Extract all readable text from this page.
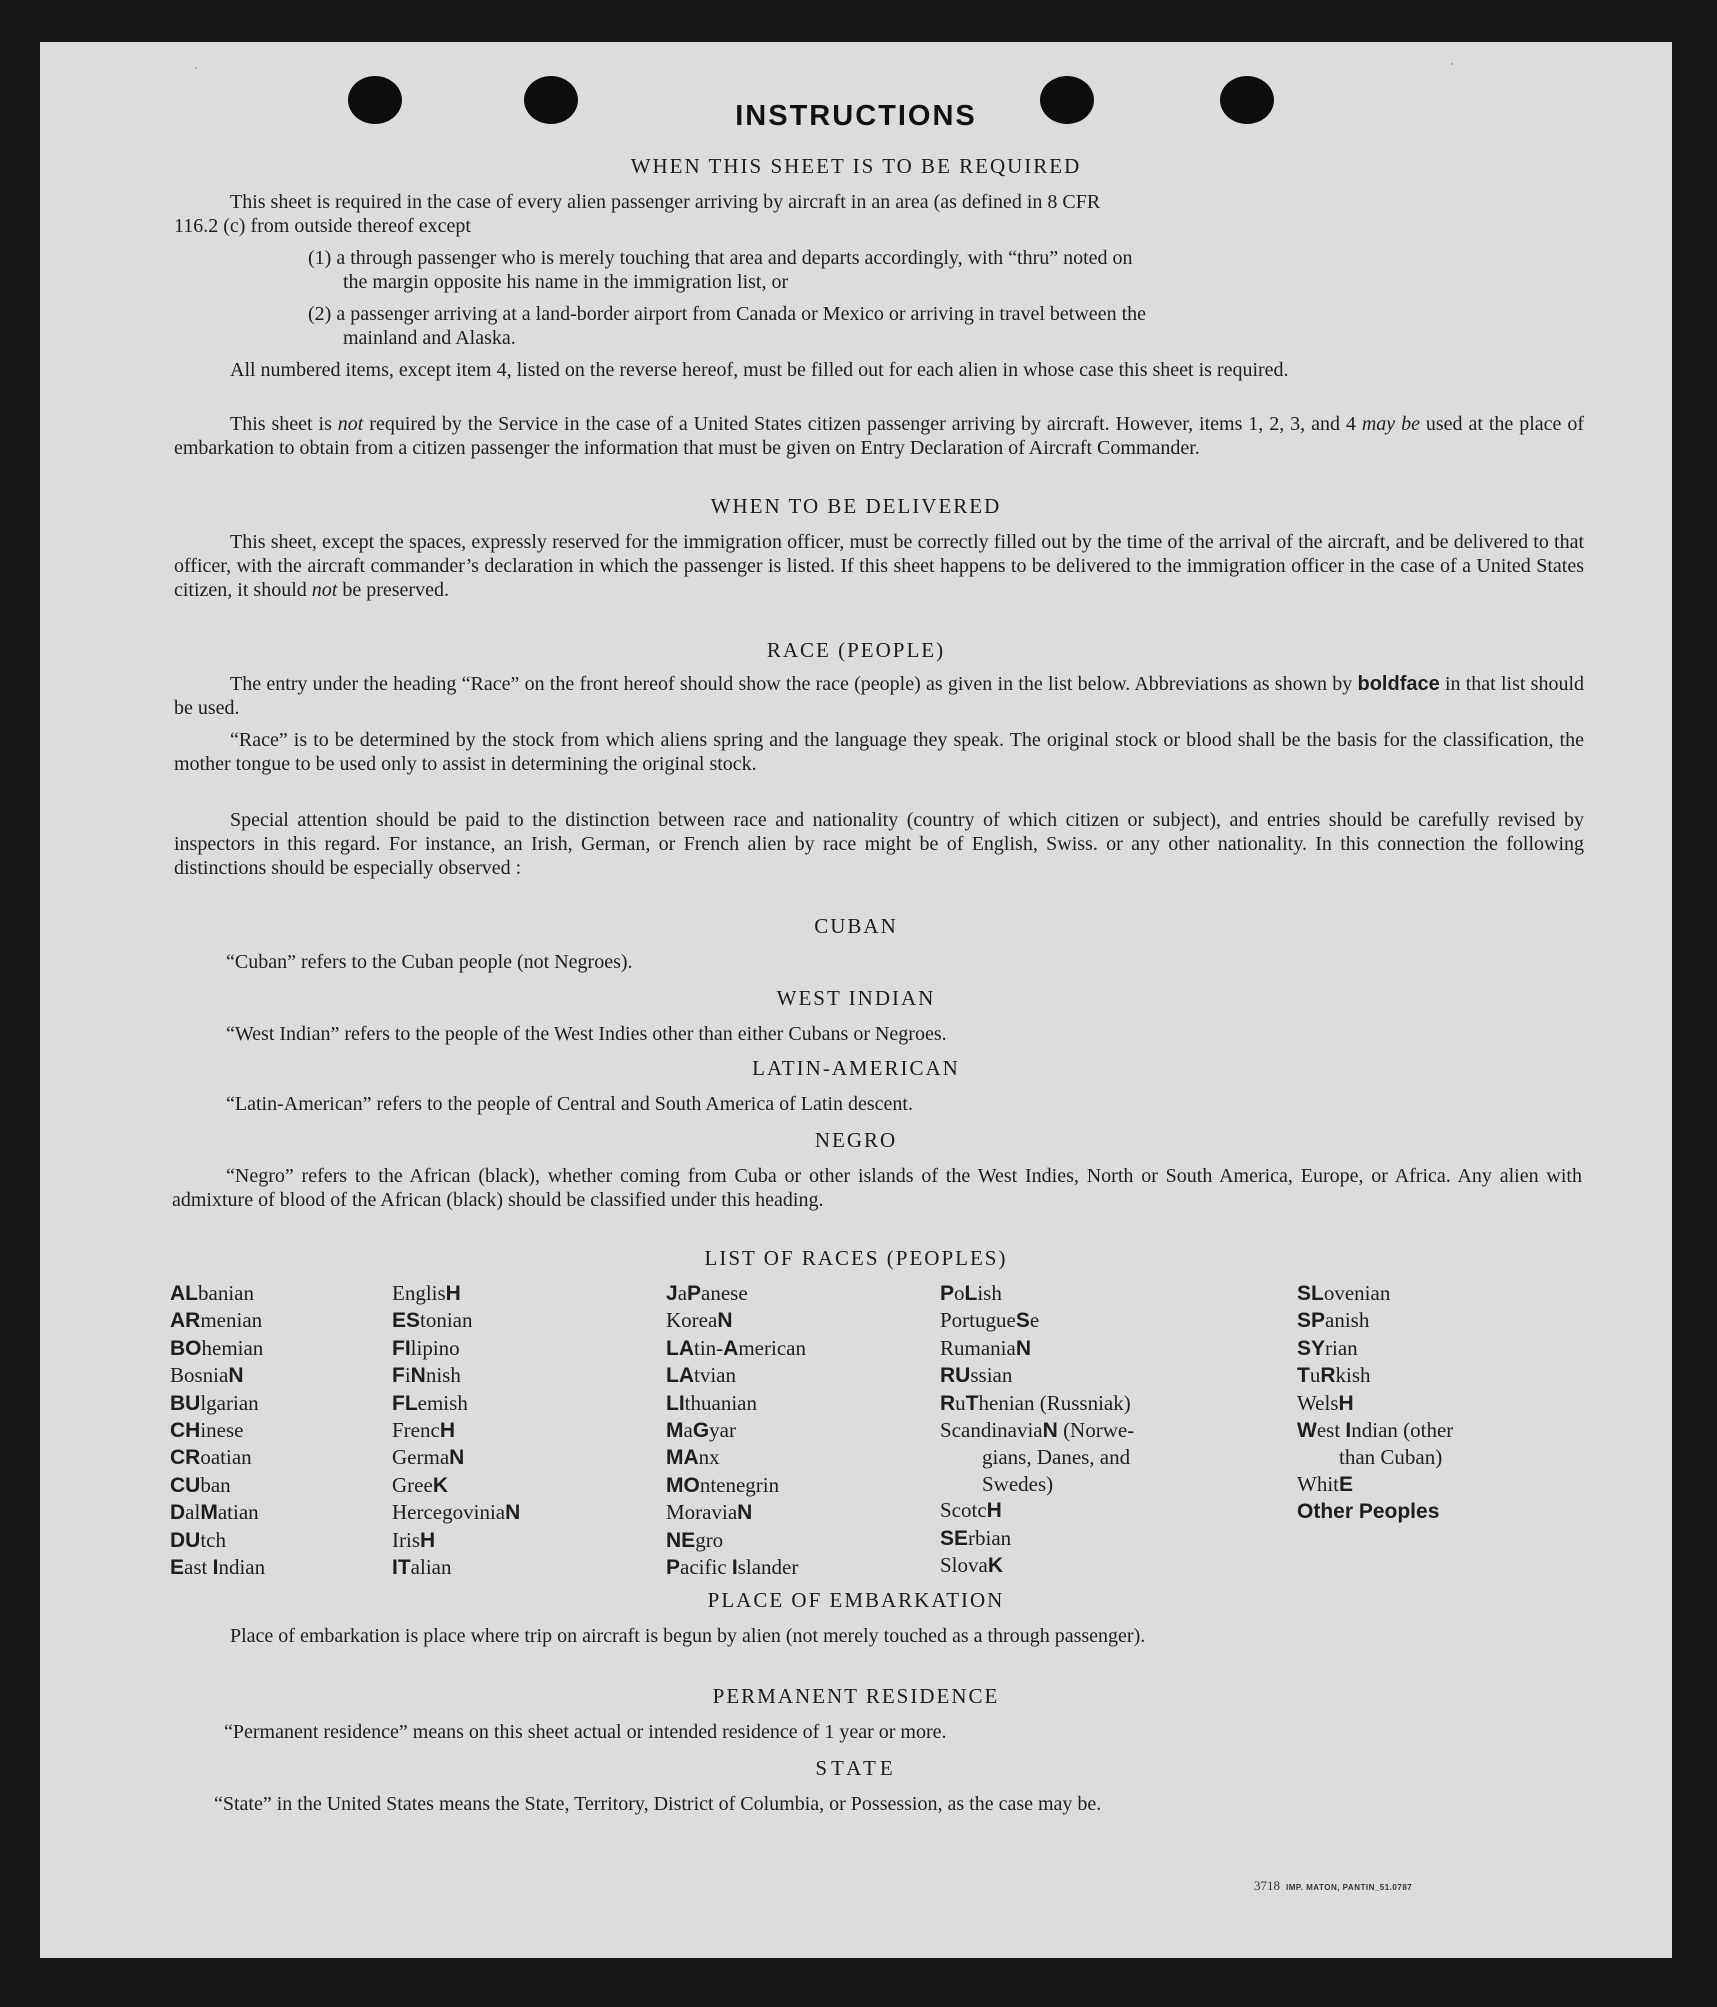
˙	˙
INSTRUCTIONS
WHEN THIS SHEET IS TO BE REQUIRED
This sheet is required in the case of every alien passenger arriving by aircraft in an area (as defined in 8 CFR
116.2 (c) from outside thereof except
(1) a through passenger who is merely touching that area and departs accordingly, with “thru” noted on
the margin opposite his name in the immigration list, or
(2) a passenger arriving at a land-border airport from Canada or Mexico or arriving in travel between the
mainland and Alaska.
All numbered items, except item 4, listed on the reverse hereof, must be filled out for each alien in whose case this sheet is required.
This sheet is not required by the Service in the case of a United States citizen passenger arriving by aircraft. However, items 1, 2, 3, and 4 may be used at the place of embarkation to obtain from a citizen passenger the information that must be given on Entry Declaration of Aircraft Commander.
WHEN TO BE DELIVERED
This sheet, except the spaces, expressly reserved for the immigration officer, must be correctly filled out by the time of the arrival of the aircraft, and be delivered to that officer, with the aircraft commander’s declaration in which the passenger is listed. If this sheet happens to be delivered to the immigration officer in the case of a United States citizen, it should not be preserved.
RACE (PEOPLE)
The entry under the heading “Race” on the front hereof should show the race (people) as given in the list below. Abbreviations as shown by boldface in that list should be used.
“Race” is to be determined by the stock from which aliens spring and the language they speak. The original stock or blood shall be the basis for the classification, the mother tongue to be used only to assist in determining the original stock.
Special attention should be paid to the distinction between race and nationality (country of which citizen or subject), and entries should be carefully revised by inspectors in this regard. For instance, an Irish, German, or French alien by race might be of English, Swiss. or any other nationality. In this connection the following distinctions should be especially observed :
CUBAN
“Cuban” refers to the Cuban people (not Negroes).
WEST INDIAN
“West Indian” refers to the people of the West Indies other than either Cubans or Negroes.
LATIN-AMERICAN
“Latin-American” refers to the people of Central and South America of Latin descent.
NEGRO
“Negro” refers to the African (black), whether coming from Cuba or other islands of the West Indies, North or South America, Europe, or Africa. Any alien with admixture of blood of the African (black) should be classified under this heading.
LIST OF RACES (PEOPLES)
ALbanian
ARmenian
BOhemian
BosniaN
BUlgarian
CHinese
CRoatian
CUban
DalMatian
DUtch
East Indian
EnglisH
EStonian
FIlipino
FiNnish
FLemish
FrencH
GermaN
GreeK
HercegoviniaN
IrisH
ITalian
JaPanese
KoreaN
LAtin-American
LAtvian
LIthuanian
MaGyar
MAnx
MOntenegrin
MoraviaN
NEgro
Pacific Islander
PoLish
PortugueSe
RumaniaN
RUssian
RuThenian (Russniak)
ScandinaviaN (Norwe-
gians, Danes, and
Swedes)
ScotcH
SErbian
SlovaK
SLovenian
SPanish
SYrian
TuRkish
WelsH
West Indian (other
than Cuban)
WhitE
Other Peoples
PLACE OF EMBARKATION
Place of embarkation is place where trip on aircraft is begun by alien (not merely touched as a through passenger).
PERMANENT RESIDENCE
“Permanent residence” means on this sheet actual or intended residence of 1 year or more.
STATE
“State” in the United States means the State, Territory, District of Columbia, or Possession, as the case may be.
3718 IMP. MATON, PANTIN_51.0787
